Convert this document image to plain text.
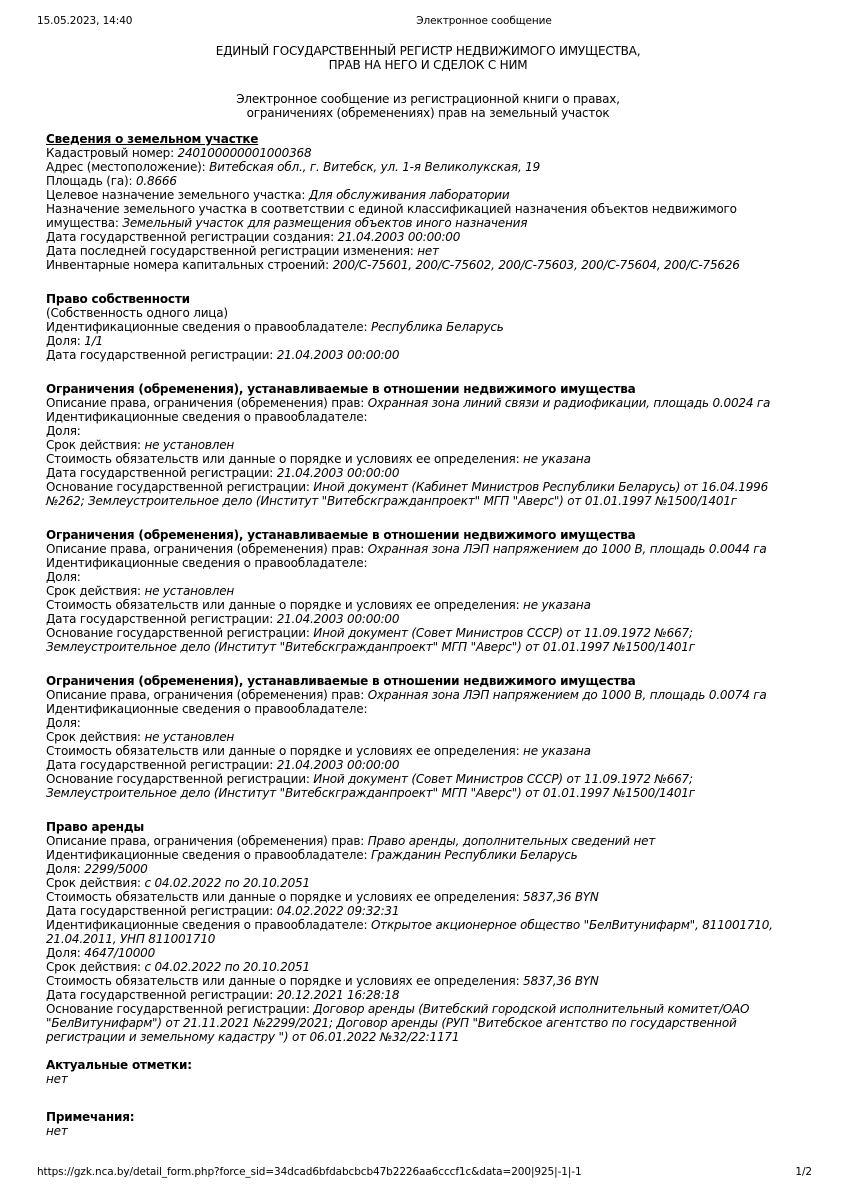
15.05.2023, 14:40	Электронное сообщение
ЕДИНЫЙ ГОСУДАРСТВЕННЫЙ РЕГИСТР НЕДВИЖИМОГО ИМУЩЕСТВА,
ПРАВ НА НЕГО И СДЕЛОК С НИМ
Электронное сообщение из регистрационной книги о правах,
ограничениях (обременениях) прав на земельный участок
Сведения о земельном участке
Кадастровый номер: 240100000001000368
Адрес (местоположение): Витебская обл., г. Витебск, ул. 1-я Великолукская, 19
Площадь (га): 0.8666
Целевое назначение земельного участка: Для обслуживания лаборатории
Назначение земельного участка в соответствии с единой классификацией назначения объектов недвижимого имущества: Земельный участок для размещения объектов иного назначения
Дата государственной регистрации создания: 21.04.2003 00:00:00
Дата последней государственной регистрации изменения: нет
Инвентарные номера капитальных строений: 200/C-75601, 200/C-75602, 200/C-75603, 200/C-75604, 200/C-75626
Право собственности
(Собственность одного лица)
Идентификационные сведения о правообладателе: Республика Беларусь
Доля: 1/1
Дата государственной регистрации: 21.04.2003 00:00:00
Ограничения (обременения), устанавливаемые в отношении недвижимого имущества
Описание права, ограничения (обременения) прав: Охранная зона линий связи и радиофикации, площадь 0.0024 га
Идентификационные сведения о правообладателе:
Доля:
Срок действия: не установлен
Стоимость обязательств или данные о порядке и условиях ее определения: не указана
Дата государственной регистрации: 21.04.2003 00:00:00
Основание государственной регистрации: Иной документ (Кабинет Министров Республики Беларусь) от 16.04.1996 №262; Землеустроительное дело (Институт "Витебскгражданпроект" МГП "Аверс") от 01.01.1997 №1500/1401г
Ограничения (обременения), устанавливаемые в отношении недвижимого имущества
Описание права, ограничения (обременения) прав: Охранная зона ЛЭП напряжением до 1000 В, площадь 0.0044 га
Идентификационные сведения о правообладателе:
Доля:
Срок действия: не установлен
Стоимость обязательств или данные о порядке и условиях ее определения: не указана
Дата государственной регистрации: 21.04.2003 00:00:00
Основание государственной регистрации: Иной документ (Совет Министров СССР) от 11.09.1972 №667; Землеустроительное дело (Институт "Витебскгражданпроект" МГП "Аверс") от 01.01.1997 №1500/1401г
Ограничения (обременения), устанавливаемые в отношении недвижимого имущества
Описание права, ограничения (обременения) прав: Охранная зона ЛЭП напряжением до 1000 В, площадь 0.0074 га
Идентификационные сведения о правообладателе:
Доля:
Срок действия: не установлен
Стоимость обязательств или данные о порядке и условиях ее определения: не указана
Дата государственной регистрации: 21.04.2003 00:00:00
Основание государственной регистрации: Иной документ (Совет Министров СССР) от 11.09.1972 №667; Землеустроительное дело (Институт "Витебскгражданпроект" МГП "Аверс") от 01.01.1997 №1500/1401г
Право аренды
Описание права, ограничения (обременения) прав: Право аренды, дополнительных сведений нет
Идентификационные сведения о правообладателе: Гражданин Республики Беларусь
Доля: 2299/5000
Срок действия: с 04.02.2022 по 20.10.2051
Стоимость обязательств или данные о порядке и условиях ее определения: 5837,36 BYN
Дата государственной регистрации: 04.02.2022 09:32:31
Идентификационные сведения о правообладателе: Открытое акционерное общество "БелВитунифарм", 811001710, 21.04.2011, УНП 811001710
Доля: 4647/10000
Срок действия: с 04.02.2022 по 20.10.2051
Стоимость обязательств или данные о порядке и условиях ее определения: 5837,36 BYN
Дата государственной регистрации: 20.12.2021 16:28:18
Основание государственной регистрации: Договор аренды (Витебский городской исполнительный комитет/ОАО "БелВитунифарм") от 21.11.2021 №2299/2021; Договор аренды (РУП "Витебское агентство по государственной регистрации и земельному кадастру ") от 06.01.2022 №32/22:1171
Актуальные отметки:
нет
Примечания:
нет
https://gzk.nca.by/detail_form.php?force_sid=34dcad6bfdabcbcb47b2226aa6cccf1c&data=200|925|-1|-1	1/2
